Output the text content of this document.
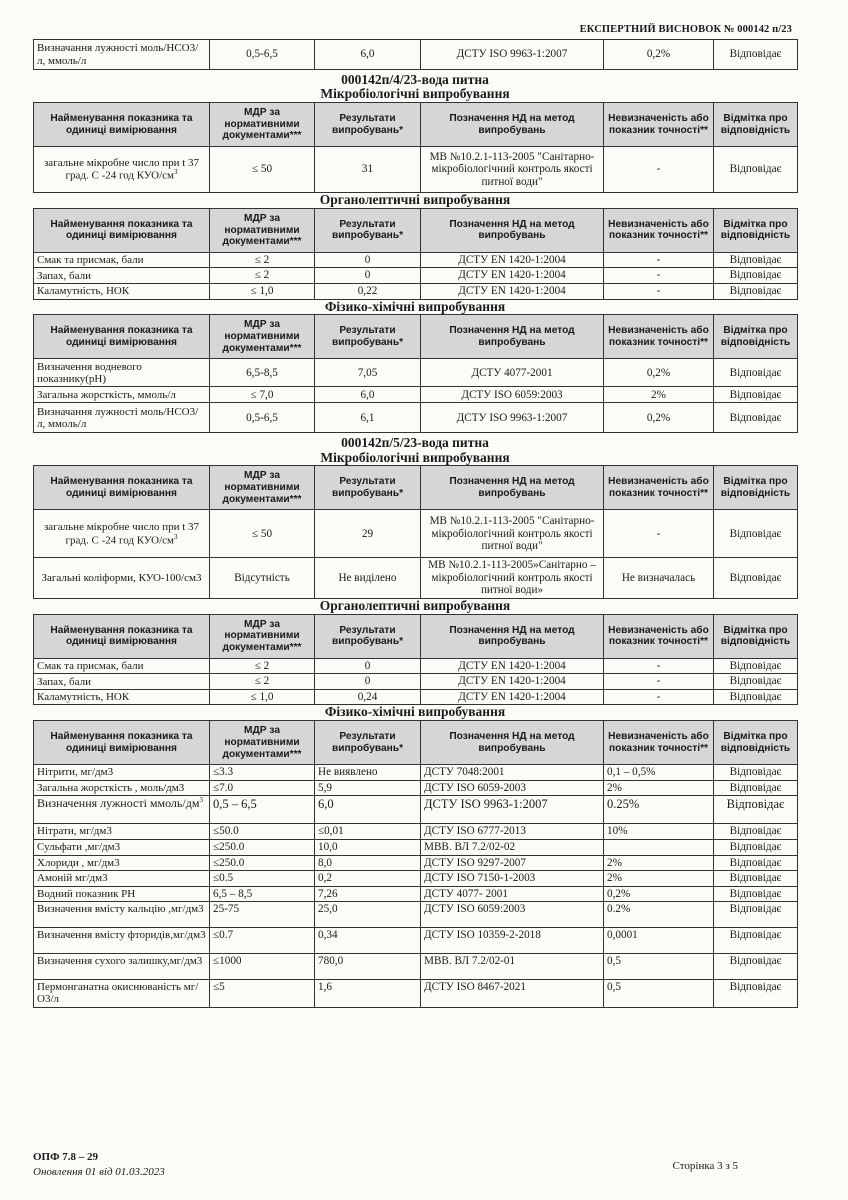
ЕКСПЕРТНИЙ ВИСНОВОК № 000142 п/23
Визначання лужності моль/НСО3/л, ммоль/л	0,5-6,5	6,0	ДСТУ ISO 9963-1:2007	0,2%	Відповідає
000142п/4/23-вода питна
Мікробіологічні випробування
Найменування показника та одиниці вимірювання	МДР за нормативними документами***	Результати випробувань*	Позначення НД на метод випробувань	Невизначеність або показник точності**	Відмітка про відповідність
загальне мікробне число при t 37 град. С -24 год КУО/$см^3$	≤ 50	31	МВ №10.2.1-113-2005 "Санітарно-мікробіологічний контроль якості питної води"	-	Відповідає
Органолептичні випробування
Найменування показника та одиниці вимірювання	МДР за нормативними документами***	Результати випробувань*	Позначення НД на метод випробувань	Невизначеність або показник точності**	Відмітка про відповідність
Смак та присмак, бали	≤ 2	0	ДСТУ EN 1420-1:2004	-	Відповідає
Запах, бали	≤ 2	0	ДСТУ EN 1420-1:2004	-	Відповідає
Каламутність, НОК	≤ 1,0	0,22	ДСТУ EN 1420-1:2004	-	Відповідає
Фізико-хімічні випробування
Найменування показника та одиниці вимірювання	МДР за нормативними документами***	Результати випробувань*	Позначення НД на метод випробувань	Невизначеність або показник точності**	Відмітка про відповідність
Визначення водневого показнику(pH)	6,5-8,5	7,05	ДСТУ 4077-2001	0,2%	Відповідає
Загальна жорсткість, ммоль/л	≤ 7,0	6,0	ДСТУ ISO 6059:2003	2%	Відповідає
Визначання лужності моль/НСО3/л, ммоль/л	0,5-6,5	6,1	ДСТУ ISO 9963-1:2007	0,2%	Відповідає
000142п/5/23-вода питна
Мікробіологічні випробування
Найменування показника та одиниці вимірювання	МДР за нормативними документами***	Результати випробувань*	Позначення НД на метод випробувань	Невизначеність або показник точності**	Відмітка про відповідність
загальне мікробне число при t 37 град. С -24 год КУО/$см^3$	≤ 50	29	МВ №10.2.1-113-2005 "Санітарно-мікробіологічний контроль якості питної води"	-	Відповідає
Загальні коліформи, КУО-100/см3	Відсутність	Не виділено	МВ №10.2.1-113-2005»Санітарно – мікробіологічний контроль якості питної води»	Не визначалась	Відповідає
Органолептичні випробування
Найменування показника та одиниці вимірювання	МДР за нормативними документами***	Результати випробувань*	Позначення НД на метод випробувань	Невизначеність або показник точності**	Відмітка про відповідність
Смак та присмак, бали	≤ 2	0	ДСТУ EN 1420-1:2004	-	Відповідає
Запах, бали	≤ 2	0	ДСТУ EN 1420-1:2004	-	Відповідає
Каламутність, НОК	≤ 1,0	0,24	ДСТУ EN 1420-1:2004	-	Відповідає
Фізико-хімічні випробування
Найменування показника та одиниці вимірювання	МДР за нормативними документами***	Результати випробувань*	Позначення НД на метод випробувань	Невизначеність або показник точності**	Відмітка про відповідність
Нітрити, мг/дм3	≤3.3	Не виявлено	ДСТУ 7048:2001	0,1 – 0,5%	Відповідає
Загальна жорсткість , моль/дм3	≤7.0	5,9	ДСТУ ISO 6059-2003	2%	Відповідає
Визначення лужності ммоль/$дм^3$	0,5 – 6,5	6,0	ДСТУ ISO 9963-1:2007	0.25%	Відповідає
Нітрати, мг/дм3	≤50.0	≤0,01	ДСТУ ISO 6777-2013	10%	Відповідає
Сульфати ,мг/дм3	≤250.0	10,0	МВВ. ВЛ 7.2/02-02		Відповідає
Хлориди , мг/дм3	≤250.0	8,0	ДСТУ ISO 9297-2007	2%	Відповідає
Амоній мг/дм3	≤0.5	0,2	ДСТУ ISO 7150-1-2003	2%	Відповідає
Водний показник РН	6,5 – 8,5	7,26	ДСТУ 4077- 2001	0,2%	Відповідає
Визначення вмісту кальцію ,мг/дм3	25-75	25,0	ДСТУ ISO 6059:2003	0.2%	Відповідає
Визначення вмісту фторидів,мг/дм3	≤0.7	0,34	ДСТУ ISO 10359-2-2018	0,0001	Відповідає
Визначення сухого залишку,мг/дм3	≤1000	780,0	МВВ. ВЛ 7.2/02-01	0,5	Відповідає
Пермонганатна окиснюваність мг/О3/л	≤5	1,6	ДСТУ ISO 8467-2021	0,5	Відповідає
ОПФ 7.8 – 29
Оновлення 01 від 01.03.2023	Сторінка 3 з 5
